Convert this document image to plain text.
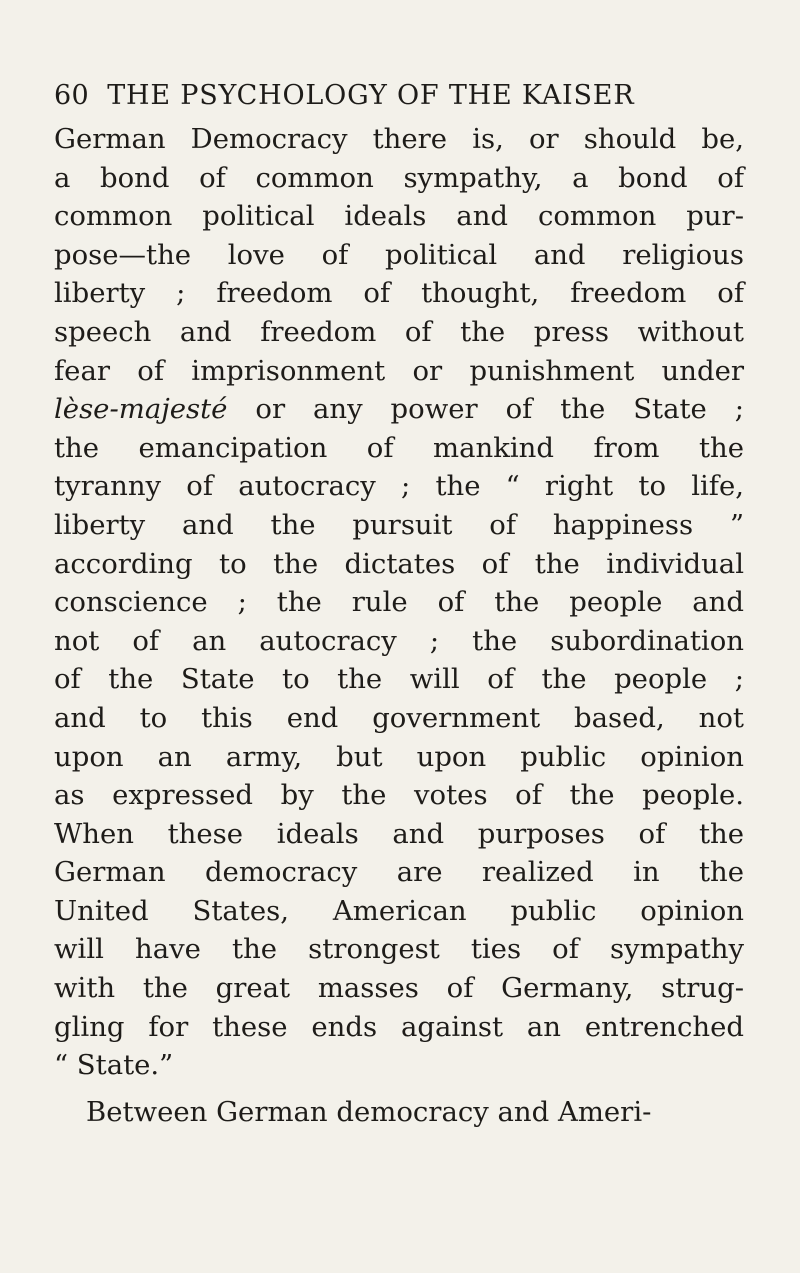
60 THE PSYCHOLOGY OF THE KAISER
German Democracy there is, or should be,
a bond of common sympathy, a bond of
common political ideals and common pur-
pose—the love of political and religious
liberty ; freedom of thought, freedom of
speech and freedom of the press without
fear of imprisonment or punishment under
lèse-majesté or any power of the State ;
the emancipation of mankind from the
tyranny of autocracy ; the “ right to life,
liberty and the pursuit of happiness ”
according to the dictates of the individual
conscience ; the rule of the people and
not of an autocracy ; the subordination
of the State to the will of the people ;
and to this end government based, not
upon an army, but upon public opinion
as expressed by the votes of the people.
When these ideals and purposes of the
German democracy are realized in the
United States, American public opinion
will have the strongest ties of sympathy
with the great masses of Germany, strug-
gling for these ends against an entrenched
“ State.”
Between German democracy and Ameri-
